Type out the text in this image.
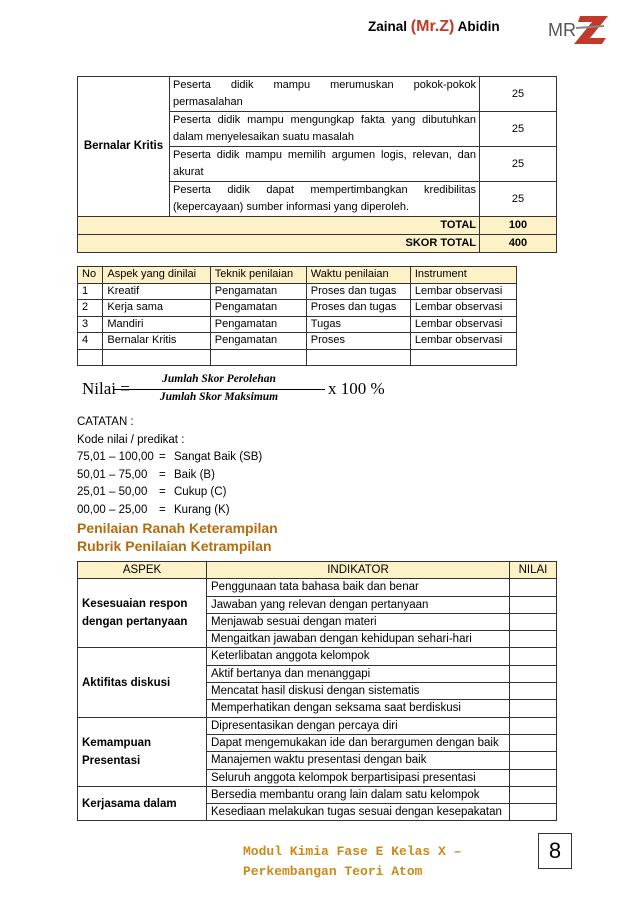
Zainal (Mr.Z) Abidin	MR
Bernalar Kritis	Peserta didik mampu merumuskan pokok-pokok permasalahan	25
	Peserta didik mampu mengungkap fakta yang dibutuhkan dalam menyelesaikan suatu masalah	25
	Peserta didik mampu memilih argumen logis, relevan, dan akurat	25
	Peserta didik dapat mempertimbangkan kredibilitas (kepercayaan) sumber informasi yang diperoleh.	25
TOTAL		100
SKOR TOTAL		400
No	Aspek yang dinilai	Teknik penilaian	Waktu penilaian	Instrument
1	Kreatif	Pengamatan	Proses dan tugas	Lembar observasi
2	Kerja sama	Pengamatan	Proses dan tugas	Lembar observasi
3	Mandiri	Pengamatan	Tugas	Lembar observasi
4	Bernalar Kritis	Pengamatan	Proses	Lembar observasi

Nilai =	Jumlah Skor Perolehan
Jumlah Skor Maksimum	x 100 %
CATATAN :
Kode nilai / predikat :
75,01 – 100,00 = Sangat Baik (SB)
50,01 – 75,00 = Baik (B)
25,01 – 50,00 = Cukup (C)
00,00 – 25,00 = Kurang (K)
Penilaian Ranah Keterampilan
Rubrik Penilaian Ketrampilan
ASPEK	INDIKATOR	NILAI
Kesesuaian respon dengan pertanyaan	Penggunaan tata bahasa baik dan benar	
	Jawaban yang relevan dengan pertanyaan	
	Menjawab sesuai dengan materi	
	Mengaitkan jawaban dengan kehidupan sehari-hari	
Aktifitas diskusi	Keterlibatan anggota kelompok	
	Aktif bertanya dan menanggapi	
	Mencatat hasil diskusi dengan sistematis	
	Memperhatikan dengan seksama saat berdiskusi	
Kemampuan Presentasi	Dipresentasikan dengan percaya diri	
	Dapat mengemukakan ide dan berargumen dengan baik	
	Manajemen waktu presentasi dengan baik	
	Seluruh anggota kelompok berpartisipasi presentasi	
Kerjasama dalam	Bersedia membantu orang lain dalam satu kelompok	
	Kesediaan melakukan tugas sesuai dengan kesepakatan	
Modul Kimia Fase E Kelas X –
Perkembangan Teori Atom
8
